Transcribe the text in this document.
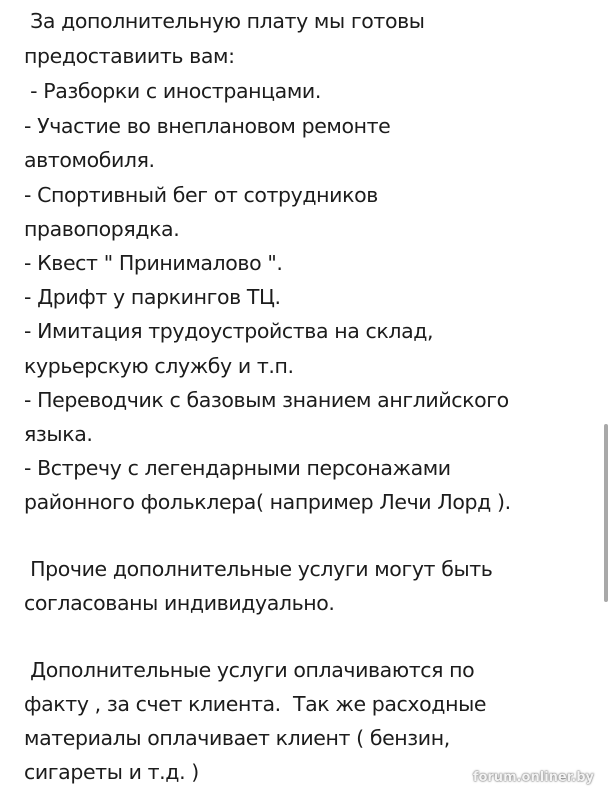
За дополнительную плату мы готовы
предоставиить вам:
- Разборки с иностранцами.
- Участие во внеплановом ремонте
автомобиля.
- Спортивный бег от сотрудников
правопорядка.
- Квест " Принималово ".
- Дрифт у паркингов ТЦ.
- Имитация трудоустройства на склад,
курьерскую службу и т.п.
- Переводчик с базовым знанием английского
языка.
- Встречу с легендарными персонажами
районного фольклера( например Лечи Лорд ).
Прочие дополнительные услуги могут быть
согласованы индивидуально.
Дополнительные услуги оплачиваются по
факту , за счет клиента.  Так же расходные
материалы оплачивает клиент ( бензин,
сигареты и т.д. )	forum.onliner.by
